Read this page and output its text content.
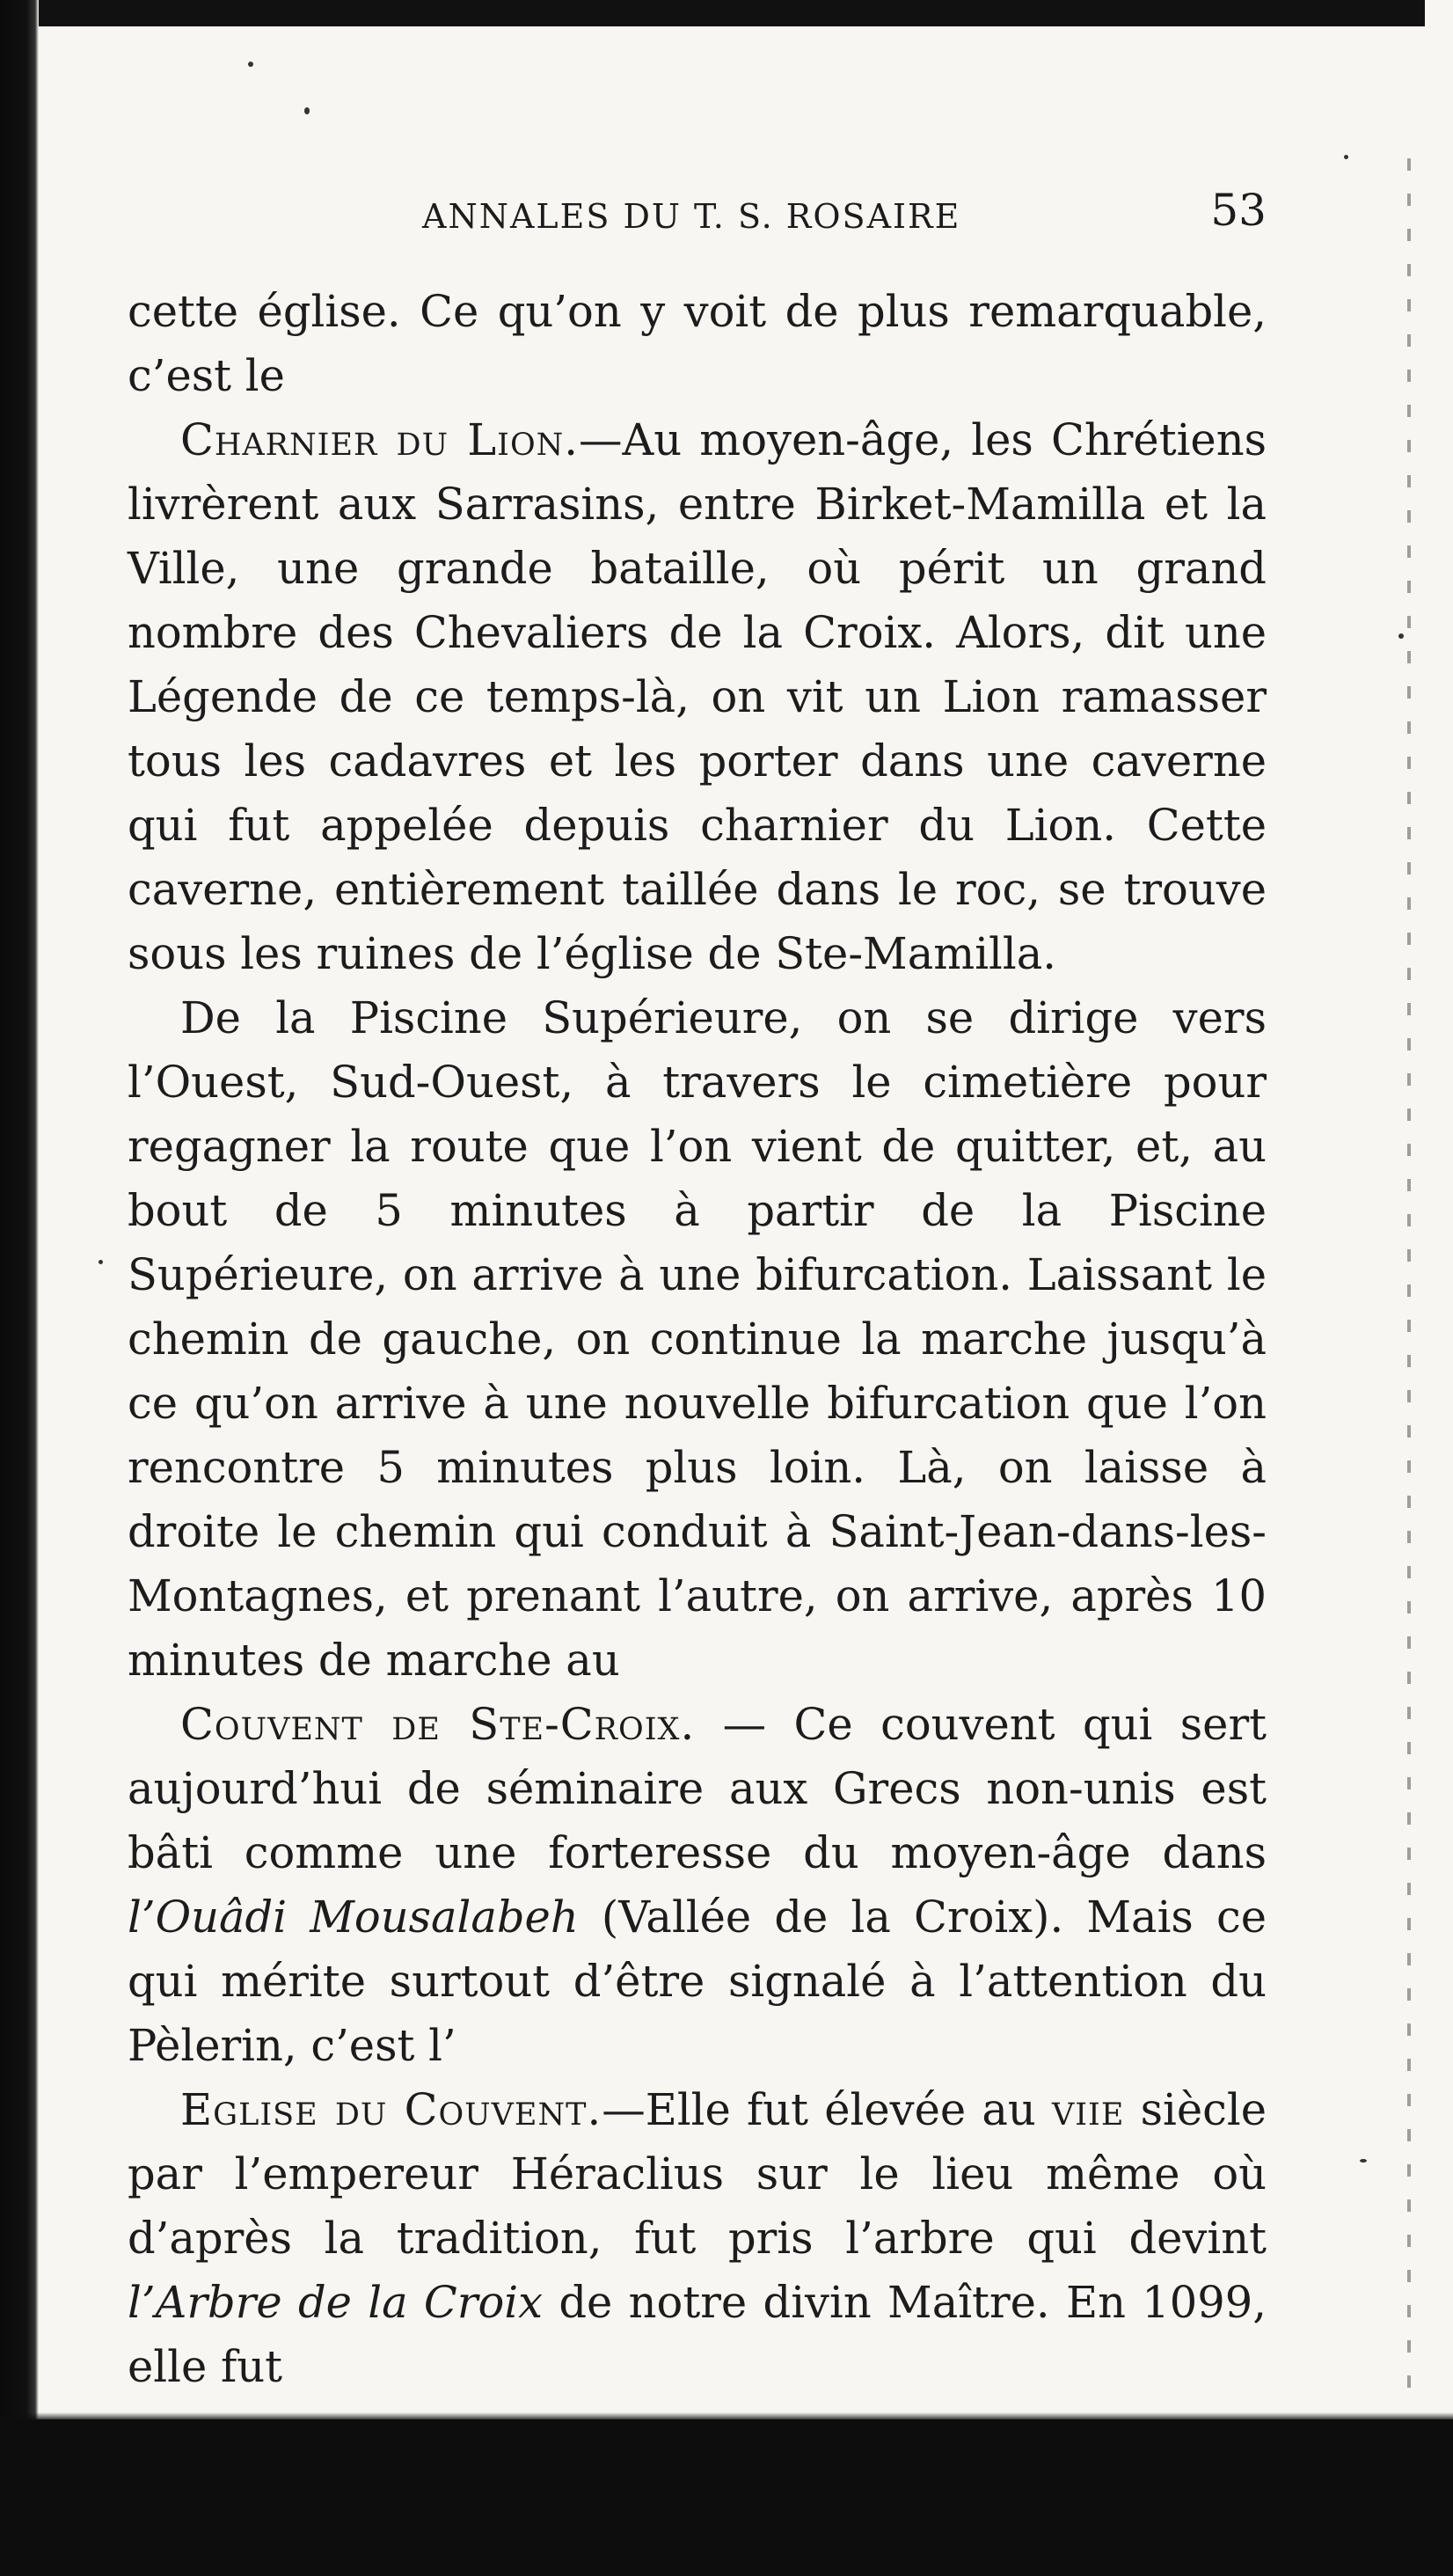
ANNALES DU T. S. ROSAIRE	53

cette église. Ce qu’on y voit de plus remarquable, c’est le

Charnier du Lion.—Au moyen-âge, les Chrétiens livrèrent aux Sarrasins, entre Birket-Mamilla et la Ville, une grande bataille, où périt un grand nombre des Chevaliers de la Croix. Alors, dit une Légende de ce temps-là, on vit un Lion ramasser tous les cadavres et les porter dans une caverne qui fut appelée depuis charnier du Lion. Cette caverne, entièrement taillée dans le roc, se trouve sous les ruines de l’église de Ste-Mamilla.

De la Piscine Supérieure, on se dirige vers l’Ouest, Sud-Ouest, à travers le cimetière pour regagner la route que l’on vient de quitter, et, au bout de 5 minutes à partir de la Piscine Supérieure, on arrive à une bifurcation. Laissant le chemin de gauche, on continue la marche jusqu’à ce qu’on arrive à une nouvelle bifurcation que l’on rencontre 5 minutes plus loin. Là, on laisse à droite le chemin qui conduit à Saint-Jean-dans-les-Montagnes, et prenant l’autre, on arrive, après 10 minutes de marche au

Couvent de Ste-Croix. — Ce couvent qui sert aujourd’hui de séminaire aux Grecs non-unis est bâti comme une forteresse du moyen-âge dans l’Ouâdi Mousalabeh (Vallée de la Croix). Mais ce qui mérite surtout d’être signalé à l’attention du Pèlerin, c’est l’

Eglise du Couvent.—Elle fut élevée au viie siècle par l’empereur Héraclius sur le lieu même où d’après la tradition, fut pris l’arbre qui devint l’Arbre de la Croix de notre divin Maître. En 1099, elle fut
